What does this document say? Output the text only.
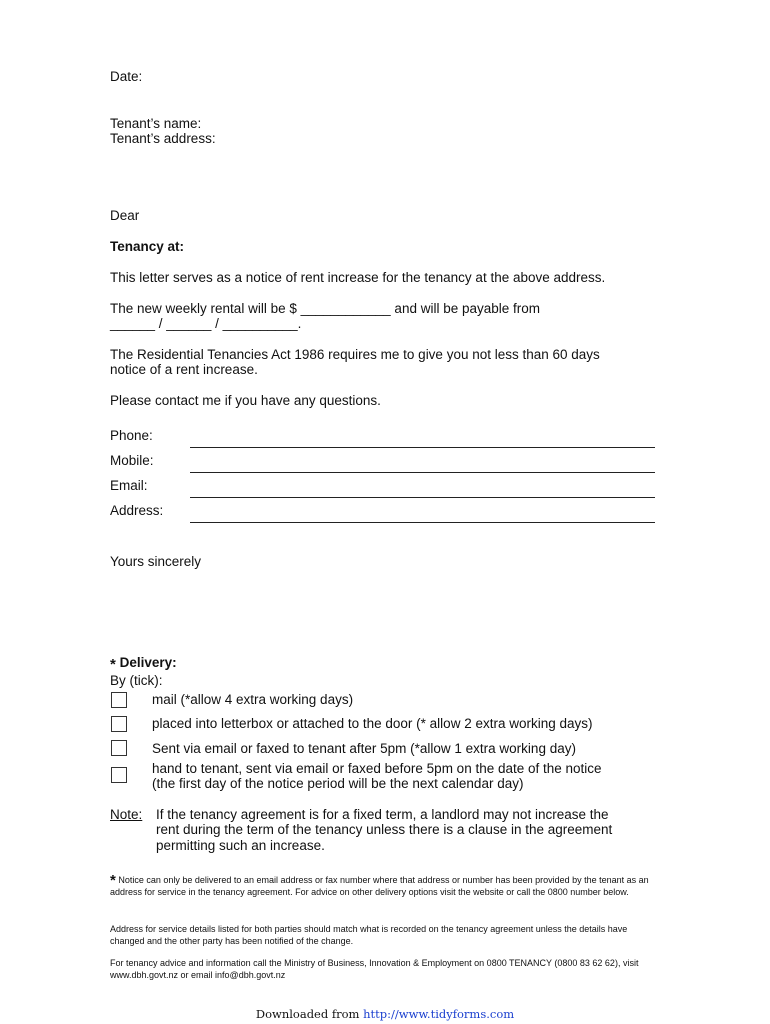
Date:

Tenant’s name:

Tenant’s address:

Dear

Tenancy at:

This letter serves as a notice of rent increase for the tenancy at the above address.

The new weekly rental will be $ ____________ and will be payable from

______ / ______ / __________.

The Residential Tenancies Act 1986 requires me to give you not less than 60 days

notice of a rent increase.

Please contact me if you have any questions.

Phone:

Mobile:

Email:

Address:

Yours sincerely

* Delivery:

By (tick):

mail (*allow 4 extra working days)

placed into letterbox or attached to the door (* allow 2 extra working days)

Sent via email or faxed to tenant after 5pm (*allow 1 extra working day)

hand to tenant, sent via email or faxed before 5pm on the date of the notice

(the first day of the notice period will be the next calendar day)

Note: If the tenancy agreement is for a fixed term, a landlord may not increase the

rent during the term of the tenancy unless there is a clause in the agreement

permitting such an increase.

* Notice can only be delivered to an email address or fax number where that address or number has been provided by the tenant as an address for service in the tenancy agreement. For advice on other delivery options visit the website or call the 0800 number below.

Address for service details listed for both parties should match what is recorded on the tenancy agreement unless the details have changed and the other party has been notified of the change.

For tenancy advice and information call the Ministry of Business, Innovation & Employment on 0800 TENANCY (0800 83 62 62), visit www.dbh.govt.nz or email info@dbh.govt.nz

Downloaded from http://www.tidyforms.com
